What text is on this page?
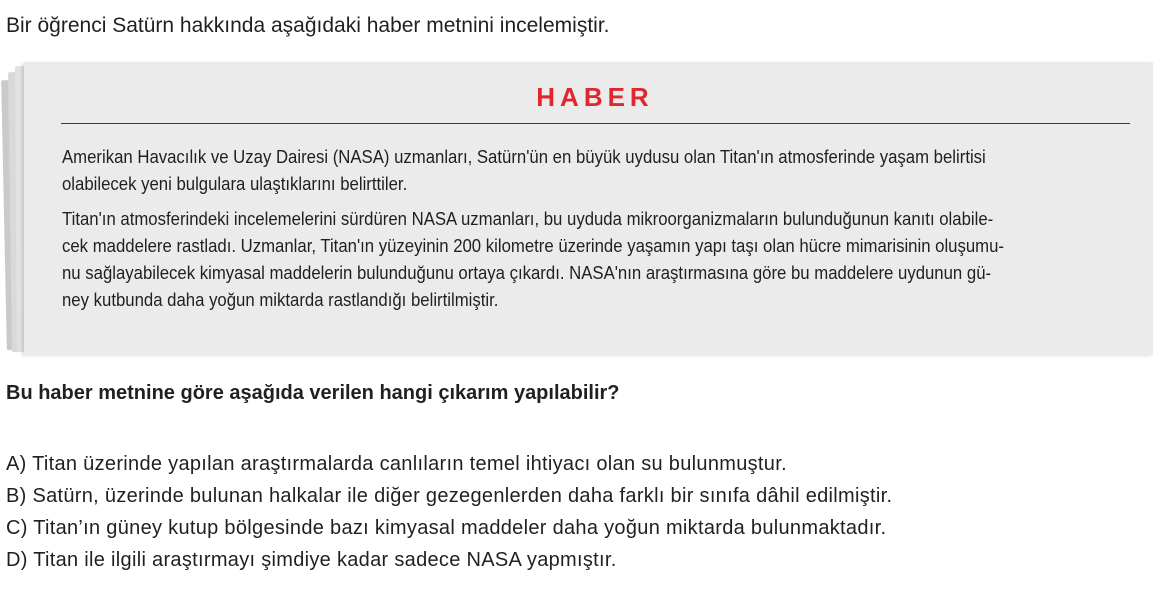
Bir öğrenci Satürn hakkında aşağıdaki haber metnini incelemiştir.
HABER
Amerikan Havacılık ve Uzay Dairesi (NASA) uzmanları, Satürn'ün en büyük uydusu olan Titan'ın atmosferinde yaşam belirtisi
olabilecek yeni bulgulara ulaştıklarını belirttiler.
Titan'ın atmosferindeki incelemelerini sürdüren NASA uzmanları, bu uyduda mikroorganizmaların bulunduğunun kanıtı olabile-
cek maddelere rastladı. Uzmanlar, Titan'ın yüzeyinin 200 kilometre üzerinde yaşamın yapı taşı olan hücre mimarisinin oluşumu-
nu sağlayabilecek kimyasal maddelerin bulunduğunu ortaya çıkardı. NASA'nın araştırmasına göre bu maddelere uydunun gü-
ney kutbunda daha yoğun miktarda rastlandığı belirtilmiştir.
Bu haber metnine göre aşağıda verilen hangi çıkarım yapılabilir?
A) Titan üzerinde yapılan araştırmalarda canlıların temel ihtiyacı olan su bulunmuştur.
B) Satürn, üzerinde bulunan halkalar ile diğer gezegenlerden daha farklı bir sınıfa dâhil edilmiştir.
C) Titan’ın güney kutup bölgesinde bazı kimyasal maddeler daha yoğun miktarda bulunmaktadır.
D) Titan ile ilgili araştırmayı şimdiye kadar sadece NASA yapmıştır.
